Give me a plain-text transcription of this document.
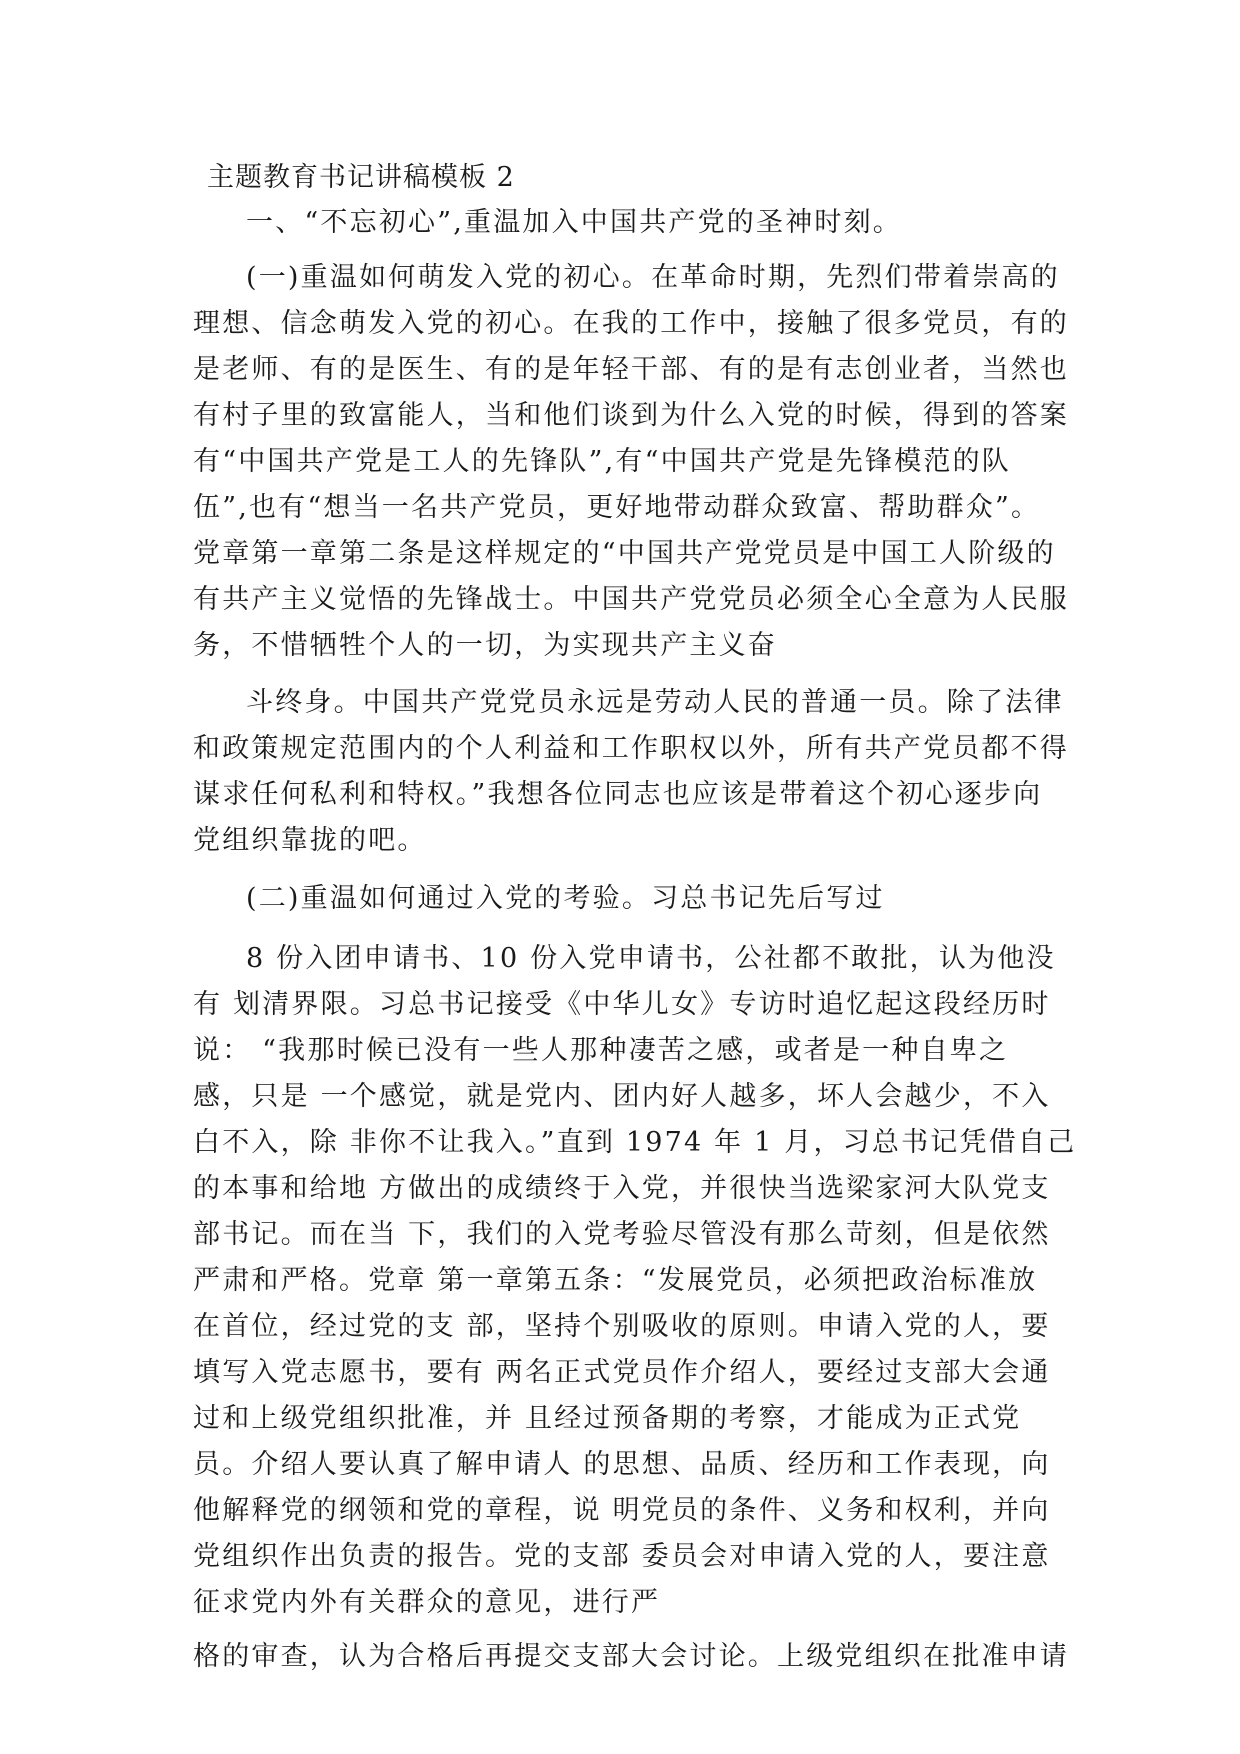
主题教育书记讲稿模板 2
一、“不忘初心”,重温加入中国共产党的圣神时刻。
(一)重温如何萌发入党的初心。在革命时期，先烈们带着崇高的
理想、信念萌发入党的初心。在我的工作中，接触了很多党员，有的
是老师、有的是医生、有的是年轻干部、有的是有志创业者，当然也
有村子里的致富能人，当和他们谈到为什么入党的时候，得到的答案
有“中国共产党是工人的先锋队”,有“中国共产党是先锋模范的队
伍”,也有“想当一名共产党员，更好地带动群众致富、帮助群众”。
党章第一章第二条是这样规定的“中国共产党党员是中国工人阶级的
有共产主义觉悟的先锋战士。中国共产党党员必须全心全意为人民服
务，不惜牺牲个人的一切，为实现共产主义奋
斗终身。中国共产党党员永远是劳动人民的普通一员。除了法律
和政策规定范围内的个人利益和工作职权以外，所有共产党员都不得
谋求任何私利和特权。”我想各位同志也应该是带着这个初心逐步向
党组织靠拢的吧。
(二)重温如何通过入党的考验。习总书记先后写过
8 份入团申请书、10 份入党申请书，公社都不敢批，认为他没
有 划清界限。习总书记接受《中华儿女》专访时追忆起这段经历时
说： “我那时候已没有一些人那种凄苦之感，或者是一种自卑之
感，只是 一个感觉，就是党内、团内好人越多，坏人会越少，不入
白不入，除 非你不让我入。”直到 1974 年 1 月，习总书记凭借自己
的本事和给地 方做出的成绩终于入党，并很快当选梁家河大队党支
部书记。而在当 下，我们的入党考验尽管没有那么苛刻，但是依然
严肃和严格。党章 第一章第五条：“发展党员，必须把政治标准放
在首位，经过党的支 部，坚持个别吸收的原则。申请入党的人，要
填写入党志愿书，要有 两名正式党员作介绍人，要经过支部大会通
过和上级党组织批准，并 且经过预备期的考察，才能成为正式党
员。介绍人要认真了解申请人 的思想、品质、经历和工作表现，向
他解释党的纲领和党的章程，说 明党员的条件、义务和权利，并向
党组织作出负责的报告。党的支部 委员会对申请入党的人，要注意
征求党内外有关群众的意见，进行严
格的审查，认为合格后再提交支部大会讨论。上级党组织在批准申请
